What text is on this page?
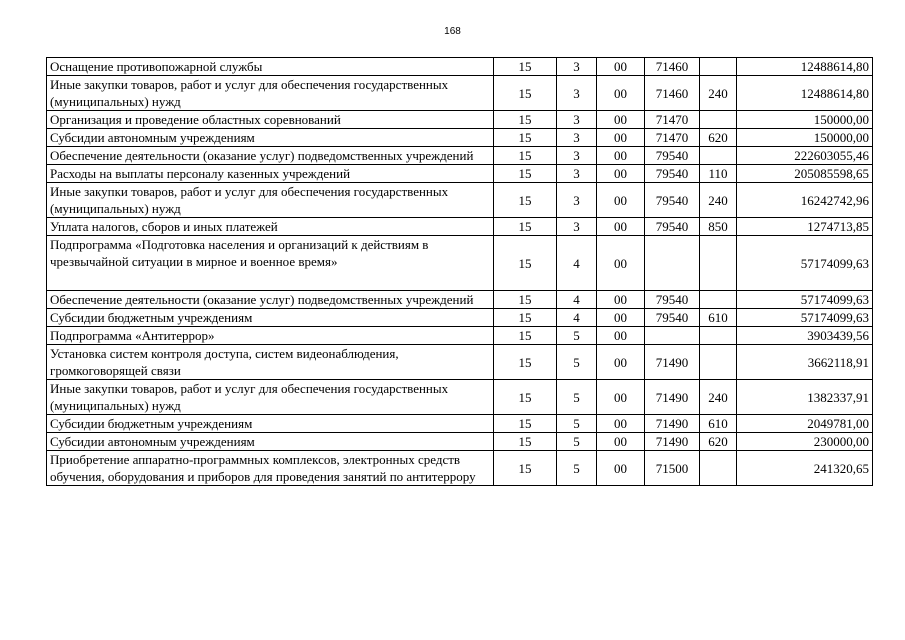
168
Оснащение противопожарной службы	15	3	00	71460		12488614,80
Иные закупки товаров, работ и услуг для обеспечения государственных (муниципальных) нужд	15	3	00	71460	240	12488614,80
Организация и проведение областных соревнований	15	3	00	71470		150000,00
Субсидии автономным учреждениям	15	3	00	71470	620	150000,00
Обеспечение деятельности (оказание услуг) подведомственных учреждений	15	3	00	79540		222603055,46
Расходы на выплаты персоналу казенных учреждений	15	3	00	79540	110	205085598,65
Иные закупки товаров, работ и услуг для обеспечения государственных (муниципальных) нужд	15	3	00	79540	240	16242742,96
Уплата налогов, сборов и иных платежей	15	3	00	79540	850	1274713,85
Подпрограмма «Подготовка населения и организаций к действиям в чрезвычайной ситуации в мирное и военное время»	15	4	00			57174099,63
Обеспечение деятельности (оказание услуг) подведомственных учреждений	15	4	00	79540		57174099,63
Субсидии бюджетным учреждениям	15	4	00	79540	610	57174099,63
Подпрограмма «Антитеррор»	15	5	00			3903439,56
Установка систем контроля доступа, систем видеонаблюдения, громкоговорящей связи	15	5	00	71490		3662118,91
Иные закупки товаров, работ и услуг для обеспечения государственных (муниципальных) нужд	15	5	00	71490	240	1382337,91
Субсидии бюджетным учреждениям	15	5	00	71490	610	2049781,00
Субсидии автономным учреждениям	15	5	00	71490	620	230000,00
Приобретение аппаратно-программных комплексов, электронных средств обучения, оборудования и приборов для проведения занятий по антитеррору	15	5	00	71500		241320,65
